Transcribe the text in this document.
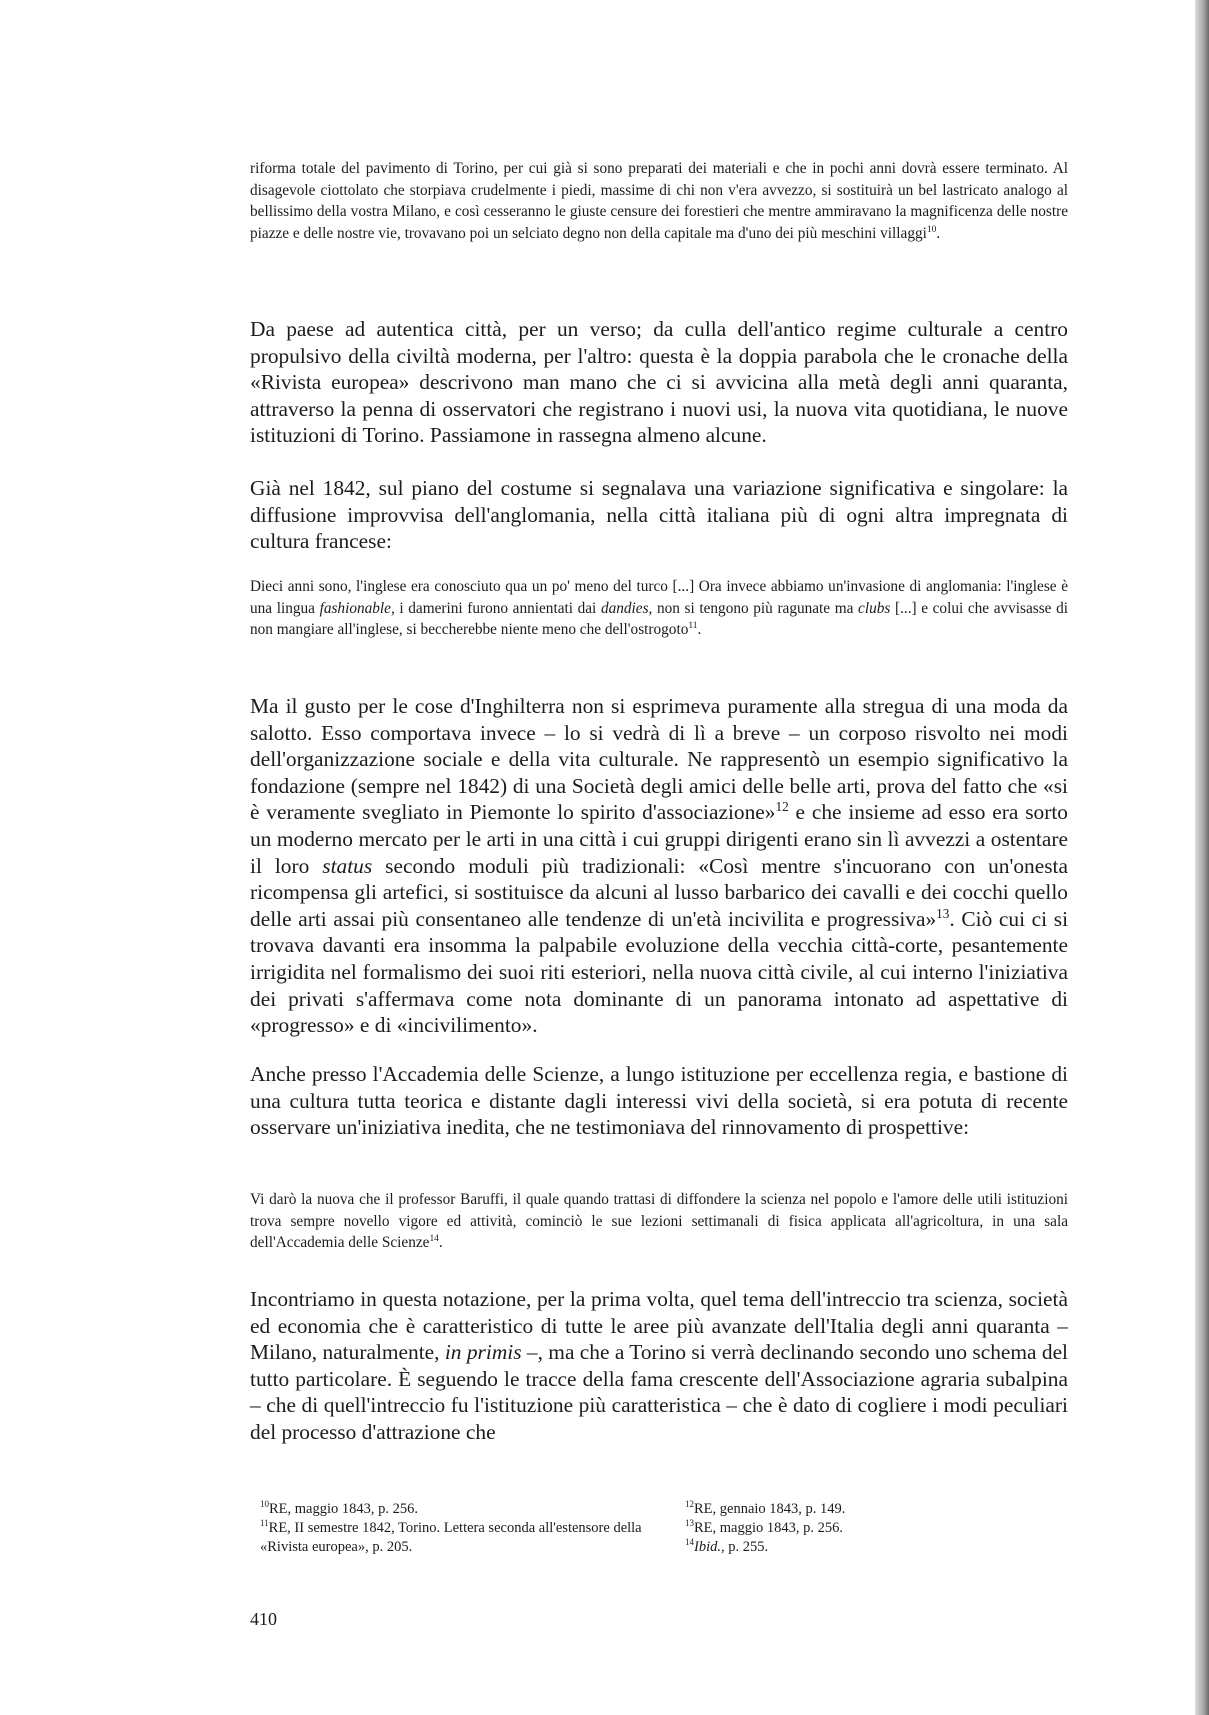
riforma totale del pavimento di Torino, per cui già si sono preparati dei materiali e che in pochi anni dovrà essere terminato. Al disagevole ciottolato che storpiava crudelmente i piedi, massime di chi non v'era avvezzo, si sostituirà un bel lastricato analogo al bellissimo della vostra Milano, e così cesseranno le giuste censure dei forestieri che mentre ammiravano la magnificenza delle nostre piazze e delle nostre vie, trovavano poi un selciato degno non della capitale ma d'uno dei più meschini villaggi$^{10}$.

Da paese ad autentica città, per un verso; da culla dell'antico regime culturale a centro propulsivo della civiltà moderna, per l'altro: questa è la doppia parabola che le cronache della «Rivista europea» descrivono man mano che ci si avvicina alla metà degli anni quaranta, attraverso la penna di osservatori che registrano i nuovi usi, la nuova vita quotidiana, le nuove istituzioni di Torino. Passiamone in rassegna almeno alcune.

Già nel 1842, sul piano del costume si segnalava una variazione significativa e singolare: la diffusione improvvisa dell'anglomania, nella città italiana più di ogni altra impregnata di cultura francese:

Dieci anni sono, l'inglese era conosciuto qua un po' meno del turco [...] Ora invece abbiamo un'invasione di anglomania: l'inglese è una lingua fashionable, i damerini furono annientati dai dandies, non si tengono più ragunate ma clubs [...] e colui che avvisasse di non mangiare all'inglese, si beccherebbe niente meno che dell'ostrogoto$^{11}$.

Ma il gusto per le cose d'Inghilterra non si esprimeva puramente alla stregua di una moda da salotto. Esso comportava invece – lo si vedrà di lì a breve – un corposo risvolto nei modi dell'organizzazione sociale e della vita culturale. Ne rappresentò un esempio significativo la fondazione (sempre nel 1842) di una Società degli amici delle belle arti, prova del fatto che «si è veramente svegliato in Piemonte lo spirito d'associazione»$^{12}$ e che insieme ad esso era sorto un moderno mercato per le arti in una città i cui gruppi dirigenti erano sin lì avvezzi a ostentare il loro status secondo moduli più tradizionali: «Così mentre s'incuorano con un'onesta ricompensa gli artefici, si sostituisce da alcuni al lusso barbarico dei cavalli e dei cocchi quello delle arti assai più consentaneo alle tendenze di un'età incivilita e progressiva»$^{13}$. Ciò cui ci si trovava davanti era insomma la palpabile evoluzione della vecchia città-corte, pesantemente irrigidita nel formalismo dei suoi riti esteriori, nella nuova città civile, al cui interno l'iniziativa dei privati s'affermava come nota dominante di un panorama intonato ad aspettative di «progresso» e di «incivilimento».

Anche presso l'Accademia delle Scienze, a lungo istituzione per eccellenza regia, e bastione di una cultura tutta teorica e distante dagli interessi vivi della società, si era potuta di recente osservare un'iniziativa inedita, che ne testimoniava del rinnovamento di prospettive:

Vi darò la nuova che il professor Baruffi, il quale quando trattasi di diffondere la scienza nel popolo e l'amore delle utili istituzioni trova sempre novello vigore ed attività, cominciò le sue lezioni settimanali di fisica applicata all'agricoltura, in una sala dell'Accademia delle Scienze$^{14}$.

Incontriamo in questa notazione, per la prima volta, quel tema dell'intreccio tra scienza, società ed economia che è caratteristico di tutte le aree più avanzate dell'Italia degli anni quaranta – Milano, naturalmente, in primis –, ma che a Torino si verrà declinando secondo uno schema del tutto particolare. È seguendo le tracce della fama crescente dell'Associazione agraria subalpina – che di quell'intreccio fu l'istituzione più caratteristica – che è dato di cogliere i modi peculiari del processo d'attrazione che

$^{10}$RE, maggio 1843, p. 256.

$^{11}$RE, II semestre 1842, Torino. Lettera seconda all'estensore della «Rivista europea», p. 205.

$^{12}$RE, gennaio 1843, p. 149.

$^{13}$RE, maggio 1843, p. 256.

$^{14}$Ibid., p. 255.

410
